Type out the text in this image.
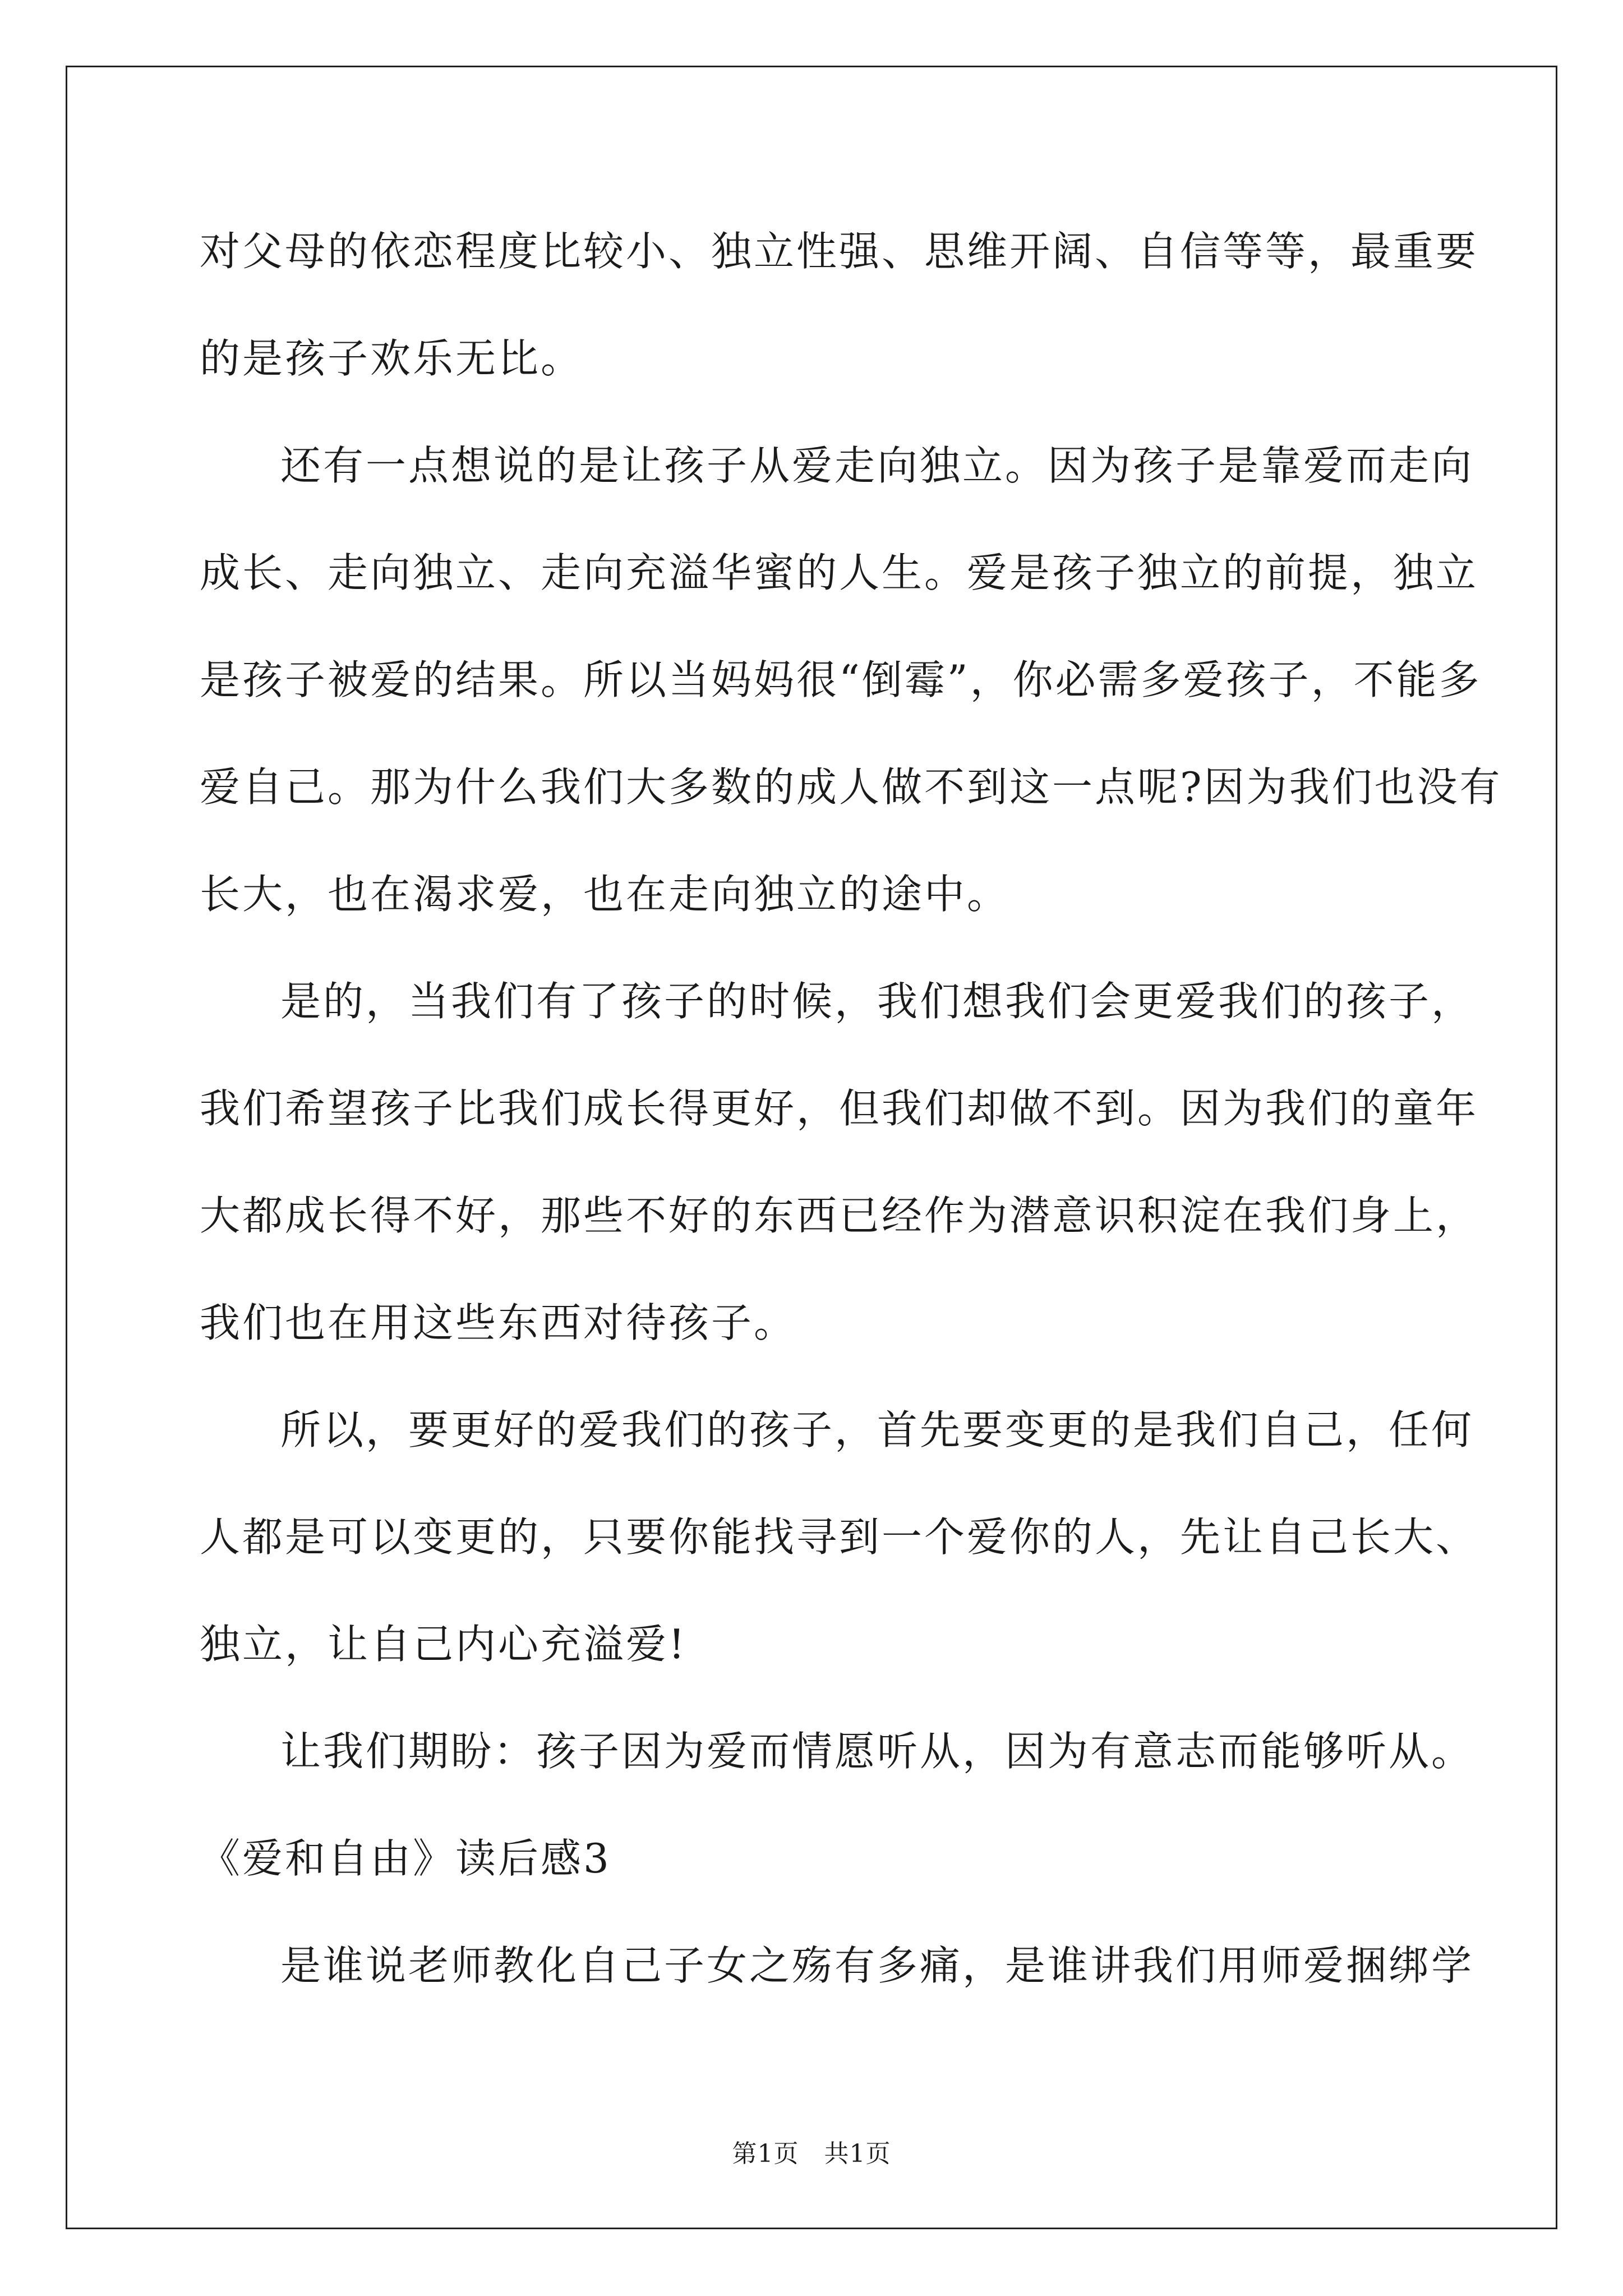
对父母的依恋程度比较小、独立性强、思维开阔、自信等等，最重要
的是孩子欢乐无比。
还有一点想说的是让孩子从爱走向独立。因为孩子是靠爱而走向
成长、走向独立、走向充溢华蜜的人生。爱是孩子独立的前提，独立
是孩子被爱的结果。所以当妈妈很“倒霉”，你必需多爱孩子，不能多
爱自己。那为什么我们大多数的成人做不到这一点呢?因为我们也没有
长大，也在渴求爱，也在走向独立的途中。
是的，当我们有了孩子的时候，我们想我们会更爱我们的孩子，
我们希望孩子比我们成长得更好，但我们却做不到。因为我们的童年
大都成长得不好，那些不好的东西已经作为潜意识积淀在我们身上，
我们也在用这些东西对待孩子。
所以，要更好的爱我们的孩子，首先要变更的是我们自己，任何
人都是可以变更的，只要你能找寻到一个爱你的人，先让自己长大、
独立，让自己内心充溢爱!
让我们期盼：孩子因为爱而情愿听从，因为有意志而能够听从。
《爱和自由》读后感3
是谁说老师教化自己子女之殇有多痛，是谁讲我们用师爱捆绑学
第1页　共1页
